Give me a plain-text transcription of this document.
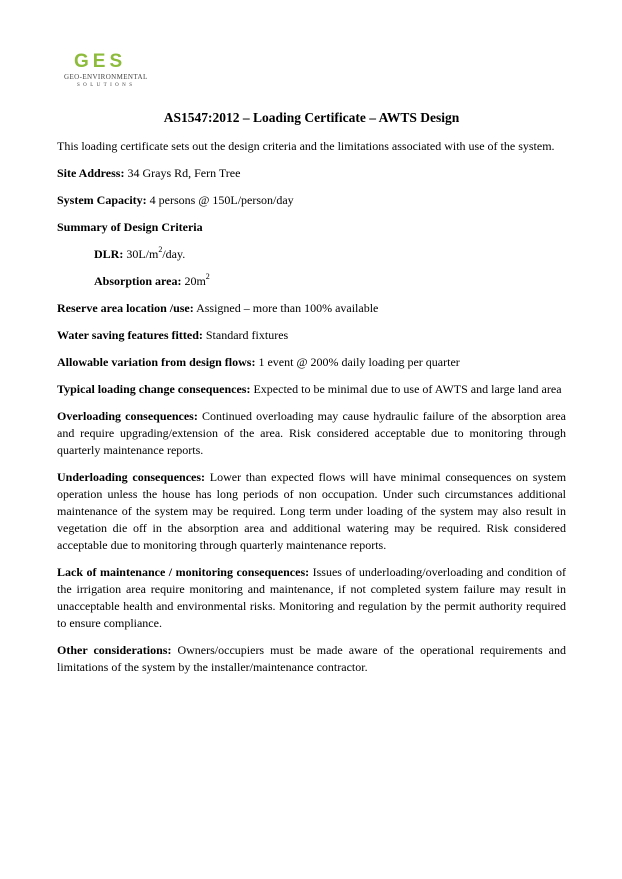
GES
GEO-ENVIRONMENTAL
SOLUTIONS
AS1547:2012 – Loading Certificate – AWTS Design
This loading certificate sets out the design criteria and the limitations associated with use of the system.
Site Address: 34 Grays Rd, Fern Tree
System Capacity: 4 persons @ 150L/person/day
Summary of Design Criteria
DLR: $30L/m^2$/day.
Absorption area: $20m^2$
Reserve area location /use: Assigned – more than 100% available
Water saving features fitted: Standard fixtures
Allowable variation from design flows: 1 event @ 200% daily loading per quarter
Typical loading change consequences: Expected to be minimal due to use of AWTS and large land area
Overloading consequences: Continued overloading may cause hydraulic failure of the absorption area and require upgrading/extension of the area. Risk considered acceptable due to monitoring through quarterly maintenance reports.
Underloading consequences: Lower than expected flows will have minimal consequences on system operation unless the house has long periods of non occupation. Under such circumstances additional maintenance of the system may be required. Long term under loading of the system may also result in vegetation die off in the absorption area and additional watering may be required. Risk considered acceptable due to monitoring through quarterly maintenance reports.
Lack of maintenance / monitoring consequences: Issues of underloading/overloading and condition of the irrigation area require monitoring and maintenance, if not completed system failure may result in unacceptable health and environmental risks. Monitoring and regulation by the permit authority required to ensure compliance.
Other considerations: Owners/occupiers must be made aware of the operational requirements and limitations of the system by the installer/maintenance contractor.
